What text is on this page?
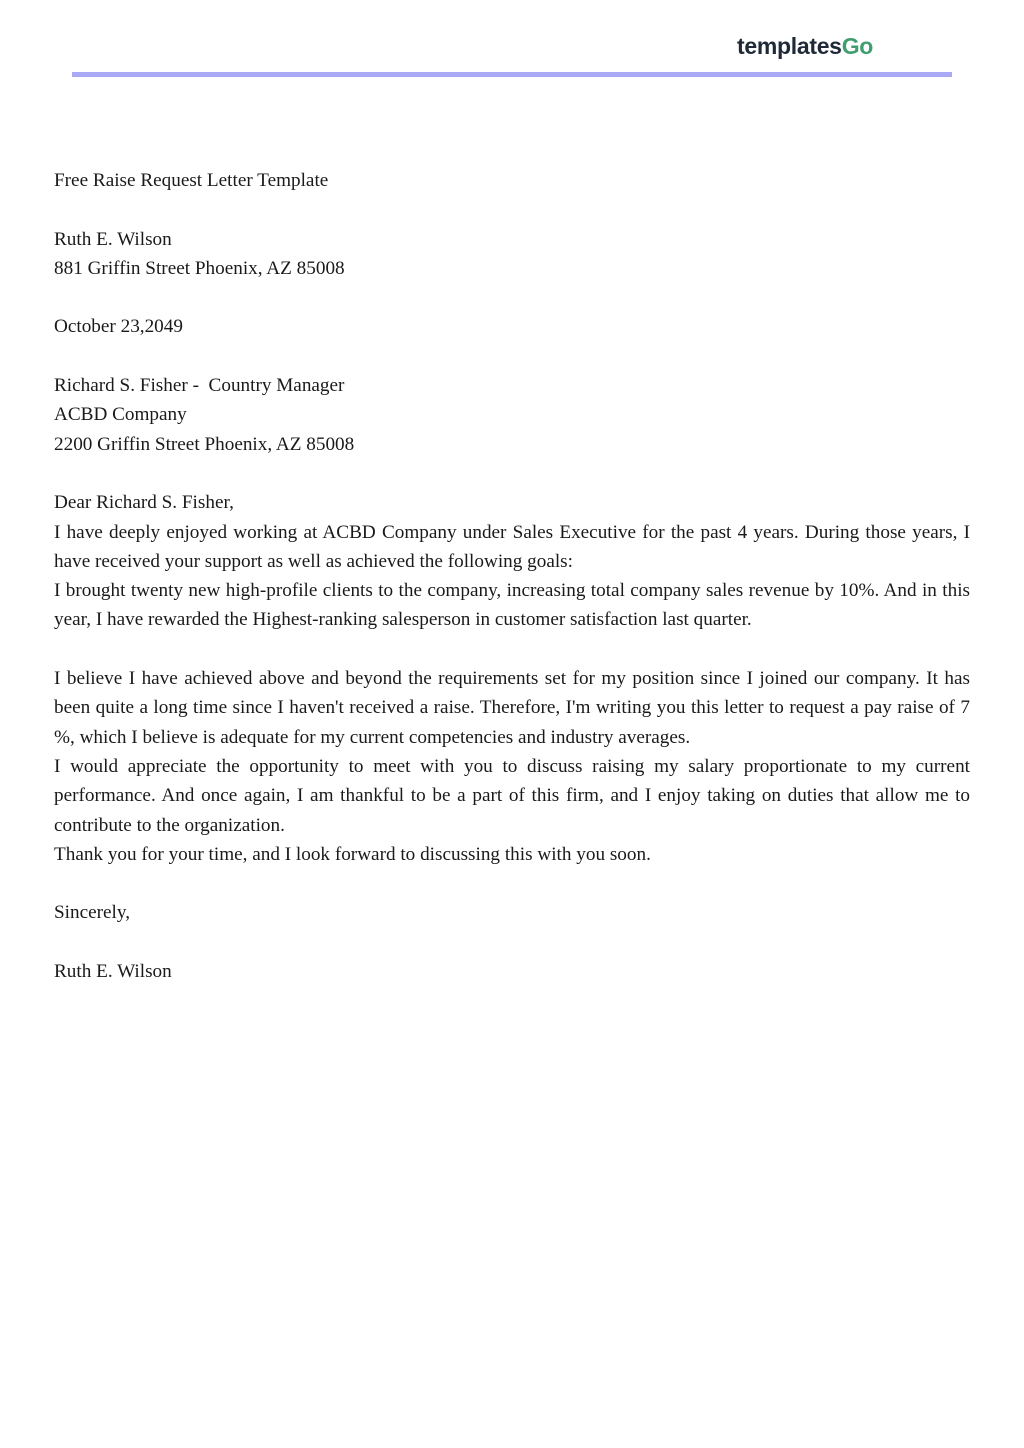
templatesGo

Free Raise Request Letter Template

Ruth E. Wilson

881 Griffin Street Phoenix, AZ 85008

October 23,2049

Richard S. Fisher -  Country Manager

ACBD Company

2200 Griffin Street Phoenix, AZ 85008

Dear Richard S. Fisher,

I have deeply enjoyed working at ACBD Company under Sales Executive for the past 4 years. During those years, I have received your support as well as achieved the following goals:

I brought twenty new high-profile clients to the company, increasing total company sales revenue by 10%. And in this year, I have rewarded the Highest-ranking salesperson in customer satisfaction last quarter.

I believe I have achieved above and beyond the requirements set for my position since I joined our company. It has been quite a long time since I haven't received a raise. Therefore, I'm writing you this letter to request a pay raise of 7 %, which I believe is adequate for my current competencies and industry averages.

I would appreciate the opportunity to meet with you to discuss raising my salary proportionate to my current performance. And once again, I am thankful to be a part of this firm, and I enjoy taking on duties that allow me to contribute to the organization.

Thank you for your time, and I look forward to discussing this with you soon.

Sincerely,

Ruth E. Wilson
